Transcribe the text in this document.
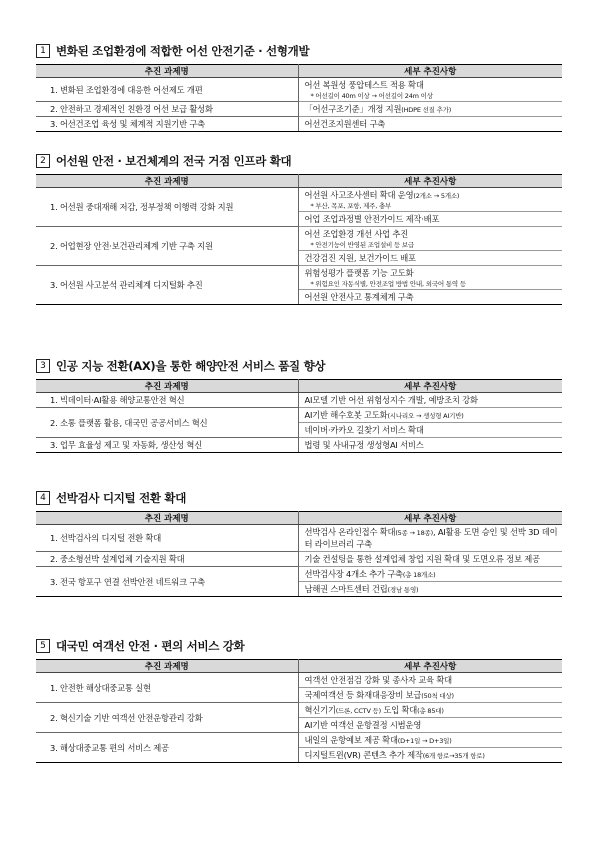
1 변화된 조업환경에 적합한 어선 안전기준 · 선형개발
추진 과제명	세부 추진사항
1. 변화된 조업환경에 대응한 어선제도 개편	어선 복원성 풍압테스트 적용 확대
* 어선길이 40m 이상 → 어선길이 24m 이상

2. 안전하고 경제적인 친환경 어선 보급 활성화	「어선구조기준」개정 지원(HDPE 선질 추가)
3. 어선건조업 육성 및 체계적 지원기반 구축	어선건조지원센터 구축
2 어선원 안전 · 보건체계의 전국 거점 인프라 확대
추진 과제명	세부 추진사항
1. 어선원 중대재해 저감, 정부정책 이행력 강화 지원	어선원 사고조사센터 확대 운영(2개소 → 5개소)
* 부산, 목포, 포항, 제주, 충부

	어업 조업과정별 안전가이드 제작·배포
2. 어업현장 안전·보건관리체계 기반 구축 지원	어선 조업환경 개선 사업 추진
* 안전기능이 반영된 조업설비 등 보급

	건강검진 지원, 보건가이드 배포
3. 어선원 사고분석 관리체계 디지털화 추진	위험성평가 플랫폼 기능 고도화
* 위험요인 자동식별, 안전조업 방법 안내, 외국어 통역 등

	어선원 안전사고 통계체계 구축
3 인공 지능 전환(AX)을 통한 해양안전 서비스 품질 향상
추진 과제명	세부 추진사항
1. 빅데이터·AI활용 해양교통안전 혁신	AI모델 기반 어선 위험성지수 개발, 예방조치 강화
2. 소통 플랫폼 활용, 대국민 공공서비스 혁신	AI기반 해수호봇 고도화(시나리오 → 생성형 AI기반)
	네이버·카카오 길찾기 서비스 확대
3. 업무 효율성 제고 및 자동화, 생산성 혁신	법령 및 사내규정 생성형AI 서비스
4 선박검사 디지털 전환 확대
추진 과제명	세부 추진사항
1. 선박검사의 디지털 전환 확대	선박검사 온라인접수 확대(5종 → 18종), AI활용 도면 승인 및 선박 3D 데이터 라이브러리 구축
2. 중소형선박 설계업체 기술지원 확대	기술 컨설팅을 통한 설계업체 창업 지원 확대 및 도면오류 정보 제공
3. 전국 항포구 연결 선박안전 네트워크 구축	선박검사장 4개소 추가 구축(총 18개소)
	남해권 스마트센터 건립(경남 통영)
5 대국민 여객선 안전 · 편의 서비스 강화
추진 과제명	세부 추진사항
1. 안전한 해상대중교통 실현	여객선 안전점검 강화 및 종사자 교육 확대
	국제여객선 등 화재대응장비 보급(50척 대상)
2. 혁신기술 기반 여객선 안전운항관리 강화	혁신기기(드론, CCTV 등) 도입 확대(총 85대)
	AI기반 여객선 운항결정 시범운영
3. 해상대중교통 편의 서비스 제공	내일의 운항예보 제공 확대(D+1일 → D+3일)
	디지털트윈(VR) 콘텐츠 추가 제작(6개 항로→35개 항로)
